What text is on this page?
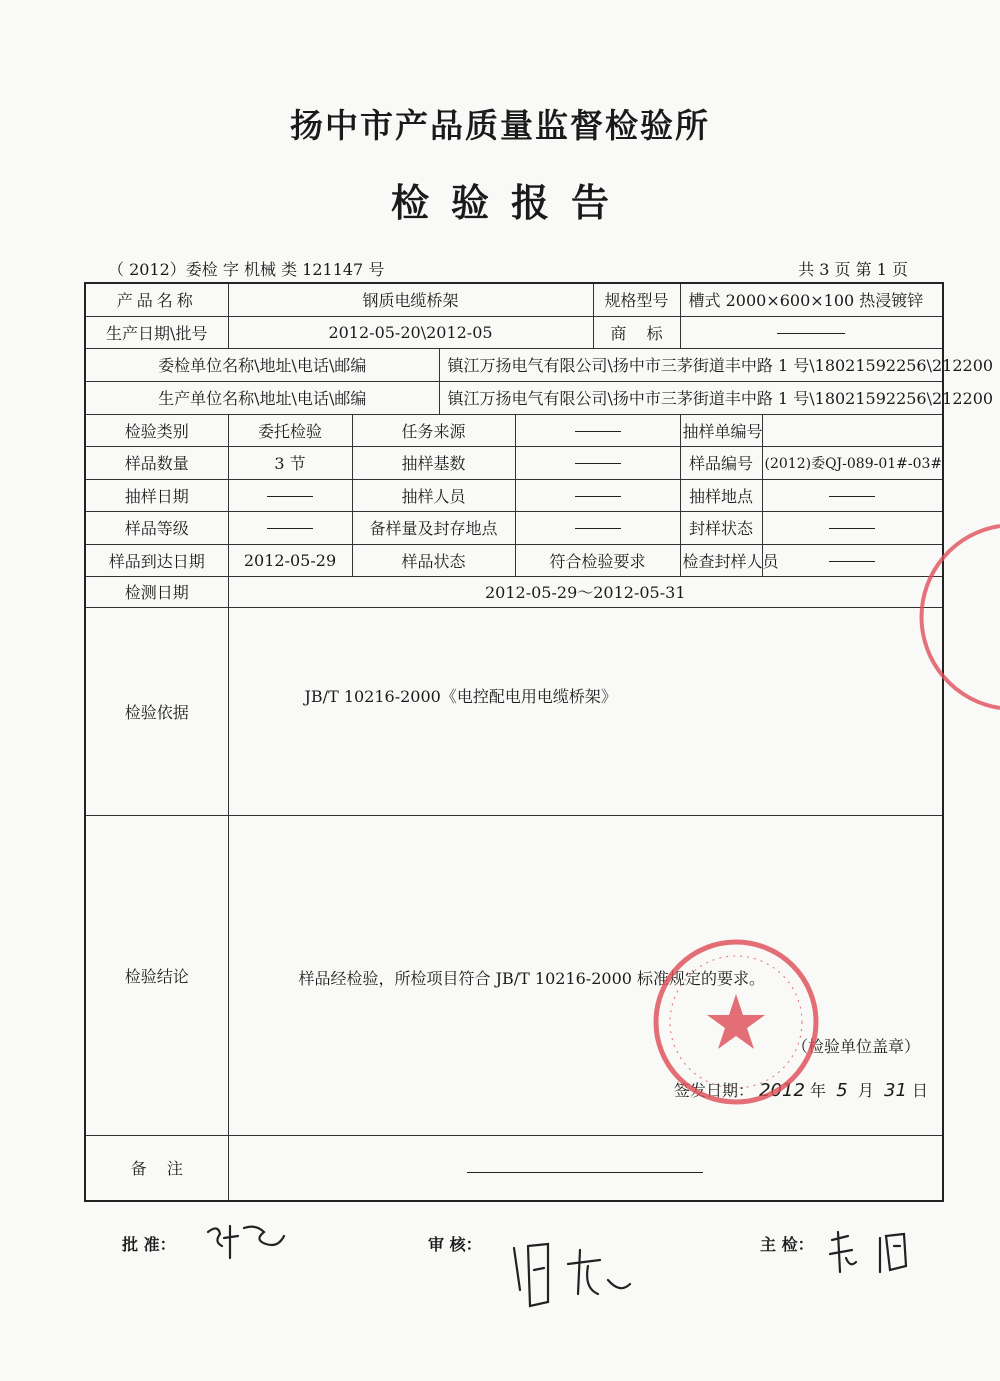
扬中市产品质量监督检验所
检验报告
（ 2012）委检 字 机械 类 121147 号	共 3 页 第 1 页
产品名称	钢质电缆桥架				规格型号	槽式 2000×600×100 热浸镀锌	
生产日期\批号	2012-05-20\2012-05				商    标		
委检单位名称\地址\电话\邮编			镇江万扬电气有限公司\扬中市三茅街道丰中路 1 号\18021592256\212200				
生产单位名称\地址\电话\邮编			镇江万扬电气有限公司\扬中市三茅街道丰中路 1 号\18021592256\212200				
检验类别	委托检验	任务来源				抽样单编号	
样品数量	3 节	抽样基数				样品编号	(2012)委QJ-089-01#-03#
抽样日期		抽样人员				抽样地点	
样品等级		备样量及封存地点				封样状态	
样品到达日期	2012-05-29	样品状态		符合检验要求		检查封样人员	
检测日期	2012-05-29～2012-05-31						
检验依据	JB/T 10216-2000《电控配电用电缆桥架》						

检验结论	样品经检验，所检项目符合 JB/T 10216-2000 标准规定的要求。
（检验单位盖章）
签发日期： 2012 年 5 月 31 日						

备    注							
批 准：	审 核：	主 检：
